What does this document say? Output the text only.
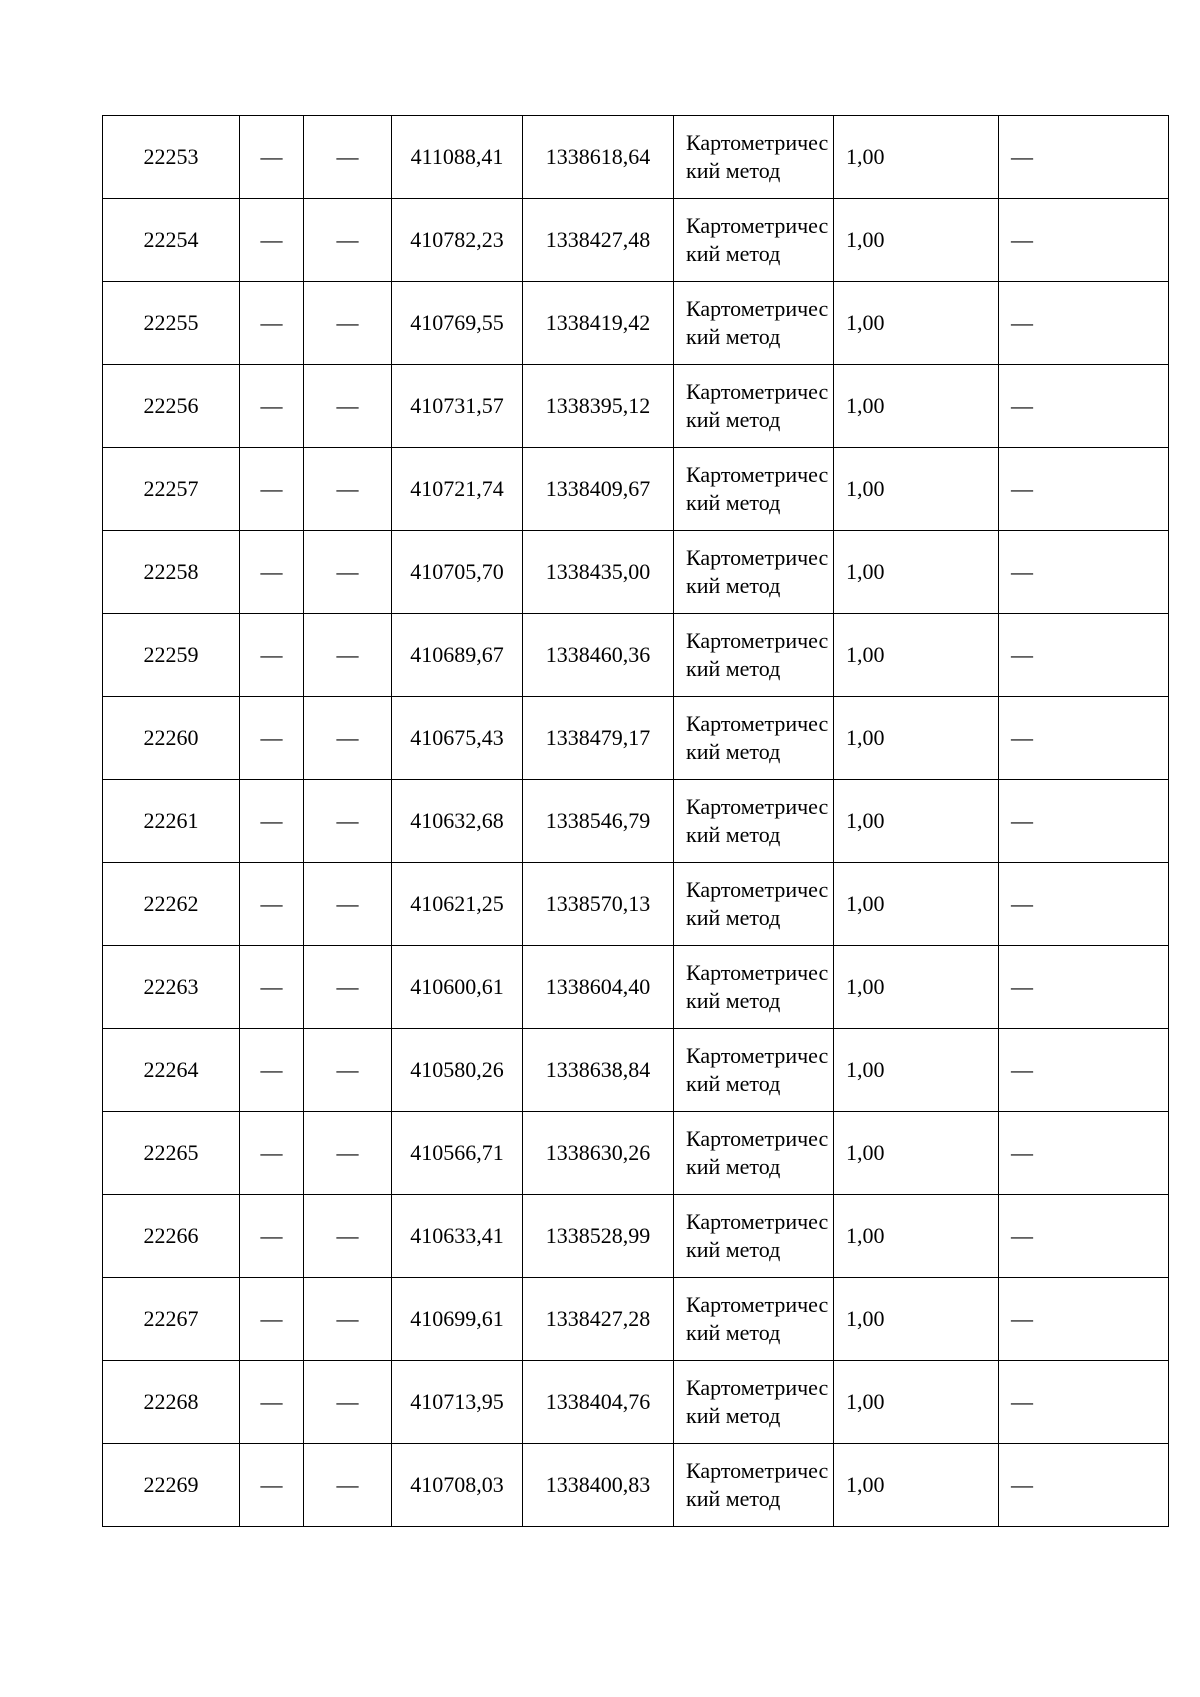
22253	—	—	411088,41	1338618,64	Картометрический метод	1,00	—
22254	—	—	410782,23	1338427,48	Картометрический метод	1,00	—
22255	—	—	410769,55	1338419,42	Картометрический метод	1,00	—
22256	—	—	410731,57	1338395,12	Картометрический метод	1,00	—
22257	—	—	410721,74	1338409,67	Картометрический метод	1,00	—
22258	—	—	410705,70	1338435,00	Картометрический метод	1,00	—
22259	—	—	410689,67	1338460,36	Картометрический метод	1,00	—
22260	—	—	410675,43	1338479,17	Картометрический метод	1,00	—
22261	—	—	410632,68	1338546,79	Картометрический метод	1,00	—
22262	—	—	410621,25	1338570,13	Картометрический метод	1,00	—
22263	—	—	410600,61	1338604,40	Картометрический метод	1,00	—
22264	—	—	410580,26	1338638,84	Картометрический метод	1,00	—
22265	—	—	410566,71	1338630,26	Картометрический метод	1,00	—
22266	—	—	410633,41	1338528,99	Картометрический метод	1,00	—
22267	—	—	410699,61	1338427,28	Картометрический метод	1,00	—
22268	—	—	410713,95	1338404,76	Картометрический метод	1,00	—
22269	—	—	410708,03	1338400,83	Картометрический метод	1,00	—
